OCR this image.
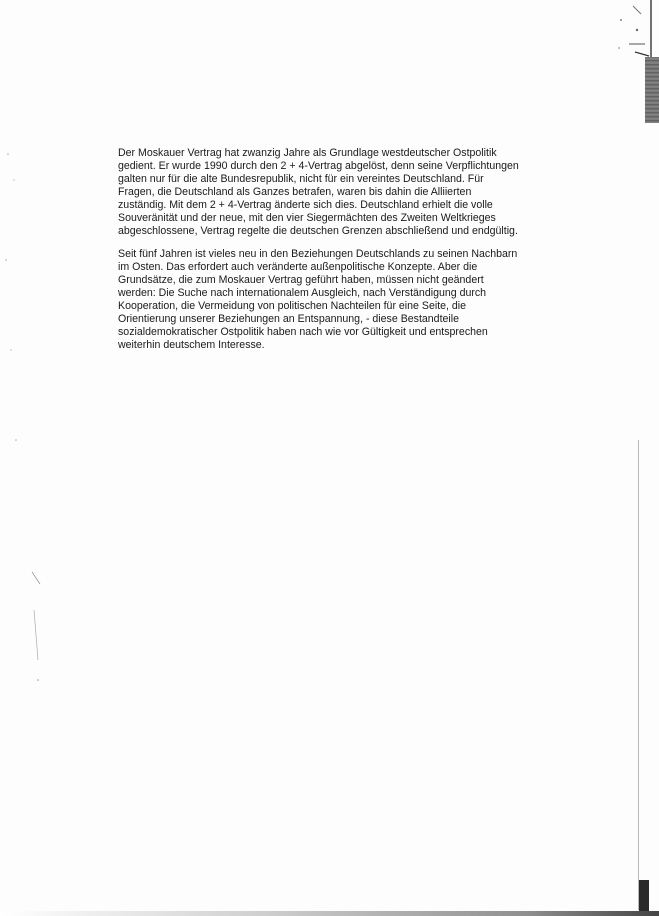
Der Moskauer Vertrag hat zwanzig Jahre als Grundlage westdeutscher Ostpolitik
gedient. Er wurde 1990 durch den 2 + 4-Vertrag abgelöst, denn seine Verpflichtungen
galten nur für die alte Bundesrepublik, nicht für ein vereintes Deutschland. Für
Fragen, die Deutschland als Ganzes betrafen, waren bis dahin die Alliierten
zuständig. Mit dem 2 + 4-Vertrag änderte sich dies. Deutschland erhielt die volle
Souveränität und der neue, mit den vier Siegermächten des Zweiten Weltkrieges
abgeschlossene, Vertrag regelte die deutschen Grenzen abschließend und endgültig.

Seit fünf Jahren ist vieles neu in den Beziehungen Deutschlands zu seinen Nachbarn
im Osten. Das erfordert auch veränderte außenpolitische Konzepte. Aber die
Grundsätze, die zum Moskauer Vertrag geführt haben, müssen nicht geändert
werden: Die Suche nach internationalem Ausgleich, nach Verständigung durch
Kooperation, die Vermeidung von politischen Nachteilen für eine Seite, die
Orientierung unserer Beziehungen an Entspannung, - diese Bestandteile
sozialdemokratischer Ostpolitik haben nach wie vor Gültigkeit und entsprechen
weiterhin deutschem Interesse.
